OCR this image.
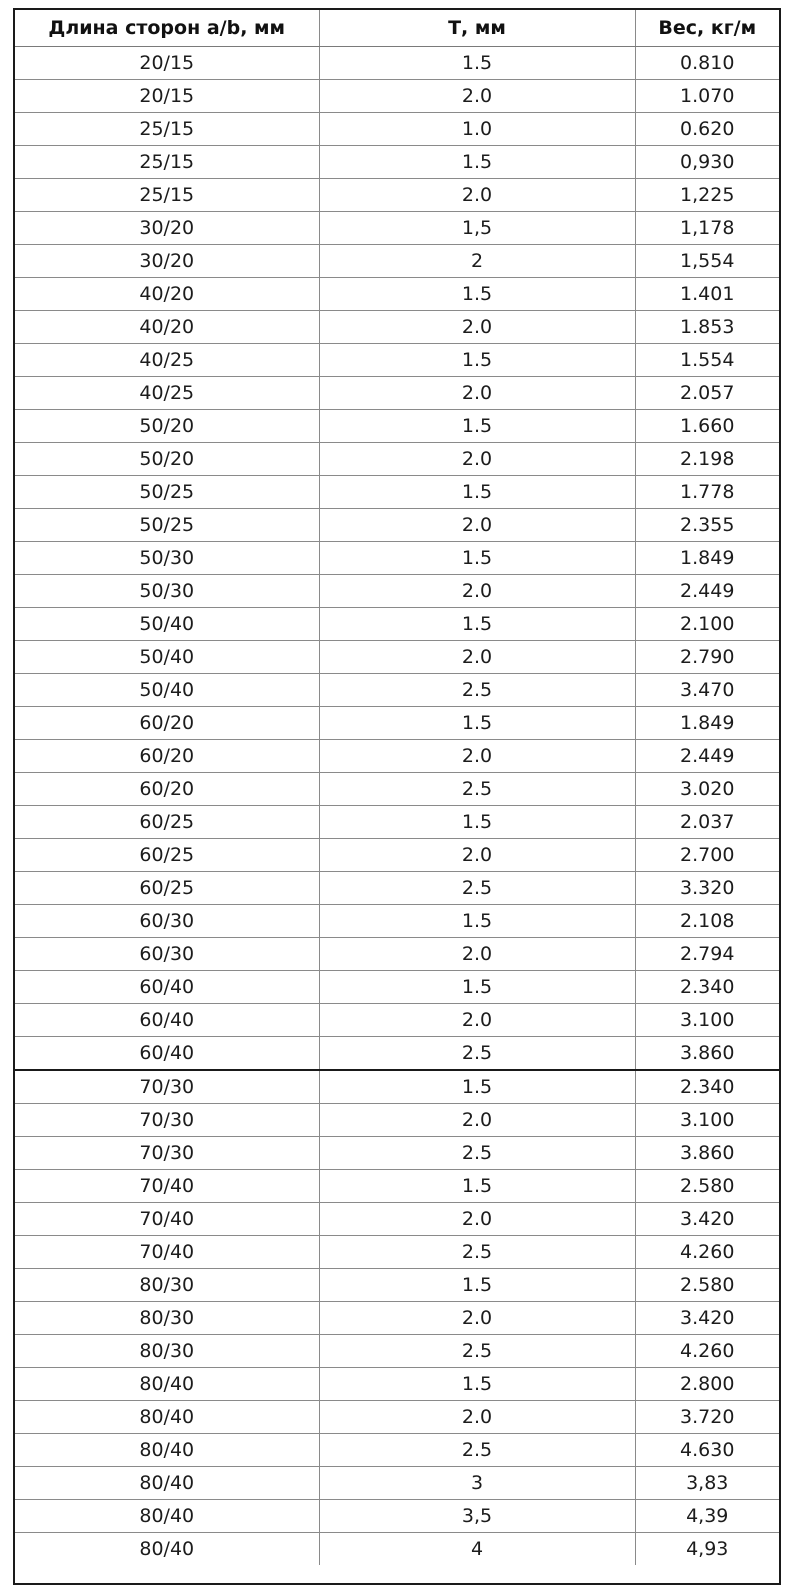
Длина сторон a/b, мм	Т, мм	Вес, кг/м
20/15	1.5	0.810
20/15	2.0	1.070
25/15	1.0	0.620
25/15	1.5	0,930
25/15	2.0	1,225
30/20	1,5	1,178
30/20	2	1,554
40/20	1.5	1.401
40/20	2.0	1.853
40/25	1.5	1.554
40/25	2.0	2.057
50/20	1.5	1.660
50/20	2.0	2.198
50/25	1.5	1.778
50/25	2.0	2.355
50/30	1.5	1.849
50/30	2.0	2.449
50/40	1.5	2.100
50/40	2.0	2.790
50/40	2.5	3.470
60/20	1.5	1.849
60/20	2.0	2.449
60/20	2.5	3.020
60/25	1.5	2.037
60/25	2.0	2.700
60/25	2.5	3.320
60/30	1.5	2.108
60/30	2.0	2.794
60/40	1.5	2.340
60/40	2.0	3.100
60/40	2.5	3.860
70/30	1.5	2.340
70/30	2.0	3.100
70/30	2.5	3.860
70/40	1.5	2.580
70/40	2.0	3.420
70/40	2.5	4.260
80/30	1.5	2.580
80/30	2.0	3.420
80/30	2.5	4.260
80/40	1.5	2.800
80/40	2.0	3.720
80/40	2.5	4.630
80/40	3	3,83
80/40	3,5	4,39
80/40	4	4,93
